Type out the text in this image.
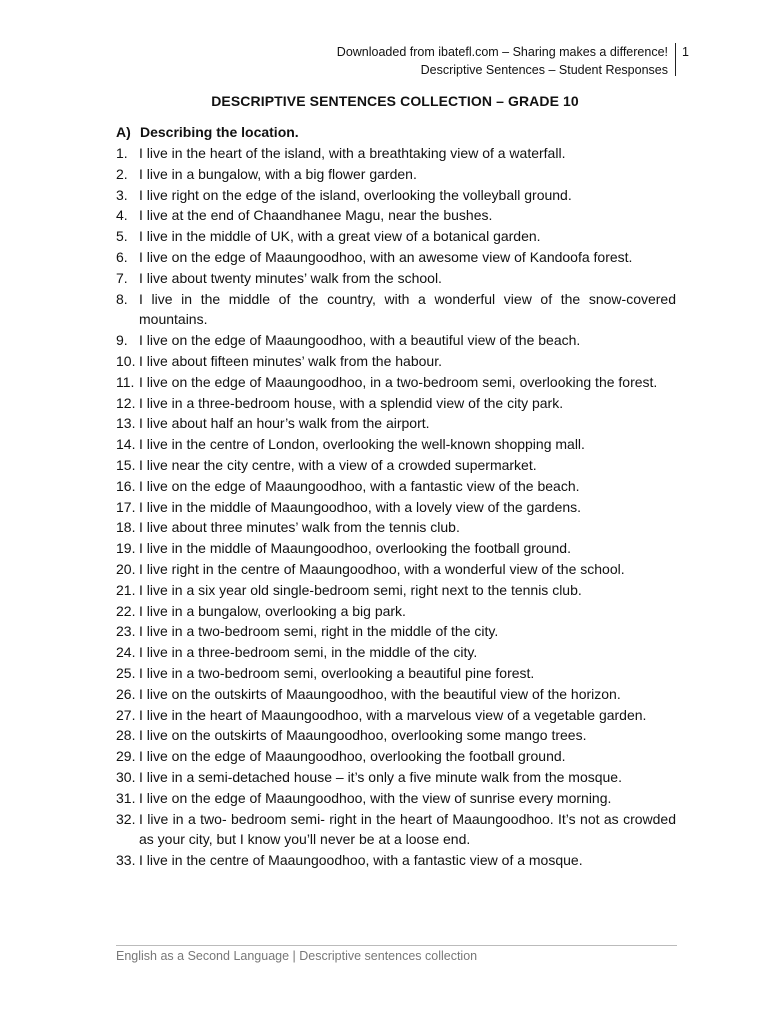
Downloaded from ibatefl.com – Sharing makes a difference!
Descriptive Sentences – Student Responses
1
DESCRIPTIVE SENTENCES COLLECTION – GRADE 10
A) Describing the location.
1. I live in the heart of the island, with a breathtaking view of a waterfall.
2. I live in a bungalow, with a big flower garden.
3. I live right on the edge of the island, overlooking the volleyball ground.
4. I live at the end of Chaandhanee Magu, near the bushes.
5. I live in the middle of UK, with a great view of a botanical garden.
6. I live on the edge of Maaungoodhoo, with an awesome view of Kandoofa forest.
7. I live about twenty minutes’ walk from the school.
8. I live in the middle of the country, with a wonderful view of the snow-covered mountains.
9. I live on the edge of Maaungoodhoo, with a beautiful view of the beach.
10. I live about fifteen minutes’ walk from the habour.
11. I live on the edge of Maaungoodhoo, in a two-bedroom semi, overlooking the forest.
12. I live in a three-bedroom house, with a splendid view of the city park.
13. I live about half an hour’s walk from the airport.
14. I live in the centre of London, overlooking the well-known shopping mall.
15. I live near the city centre, with a view of a crowded supermarket.
16. I live on the edge of Maaungoodhoo, with a fantastic view of the beach.
17. I live in the middle of Maaungoodhoo, with a lovely view of the gardens.
18. I live about three minutes’ walk from the tennis club.
19. I live in the middle of Maaungoodhoo, overlooking the football ground.
20. I live right in the centre of Maaungoodhoo, with a wonderful view of the school.
21. I live in a six year old single-bedroom semi, right next to the tennis club.
22. I live in a bungalow, overlooking a big park.
23. I live in a two-bedroom semi, right in the middle of the city.
24. I live in a three-bedroom semi, in the middle of the city.
25. I live in a two-bedroom semi, overlooking a beautiful pine forest.
26. I live on the outskirts of Maaungoodhoo, with the beautiful view of the horizon.
27. I live in the heart of Maaungoodhoo, with a marvelous view of a vegetable garden.
28. I live on the outskirts of Maaungoodhoo, overlooking some mango trees.
29. I live on the edge of Maaungoodhoo, overlooking the football ground.
30. I live in a semi-detached house – it’s only a five minute walk from the mosque.
31. I live on the edge of Maaungoodhoo, with the view of sunrise every morning.
32. I live in a two- bedroom semi- right in the heart of Maaungoodhoo. It’s not as crowded as your city, but I know you’ll never be at a loose end.
33. I live in the centre of Maaungoodhoo, with a fantastic view of a mosque.
English as a Second Language | Descriptive sentences collection
